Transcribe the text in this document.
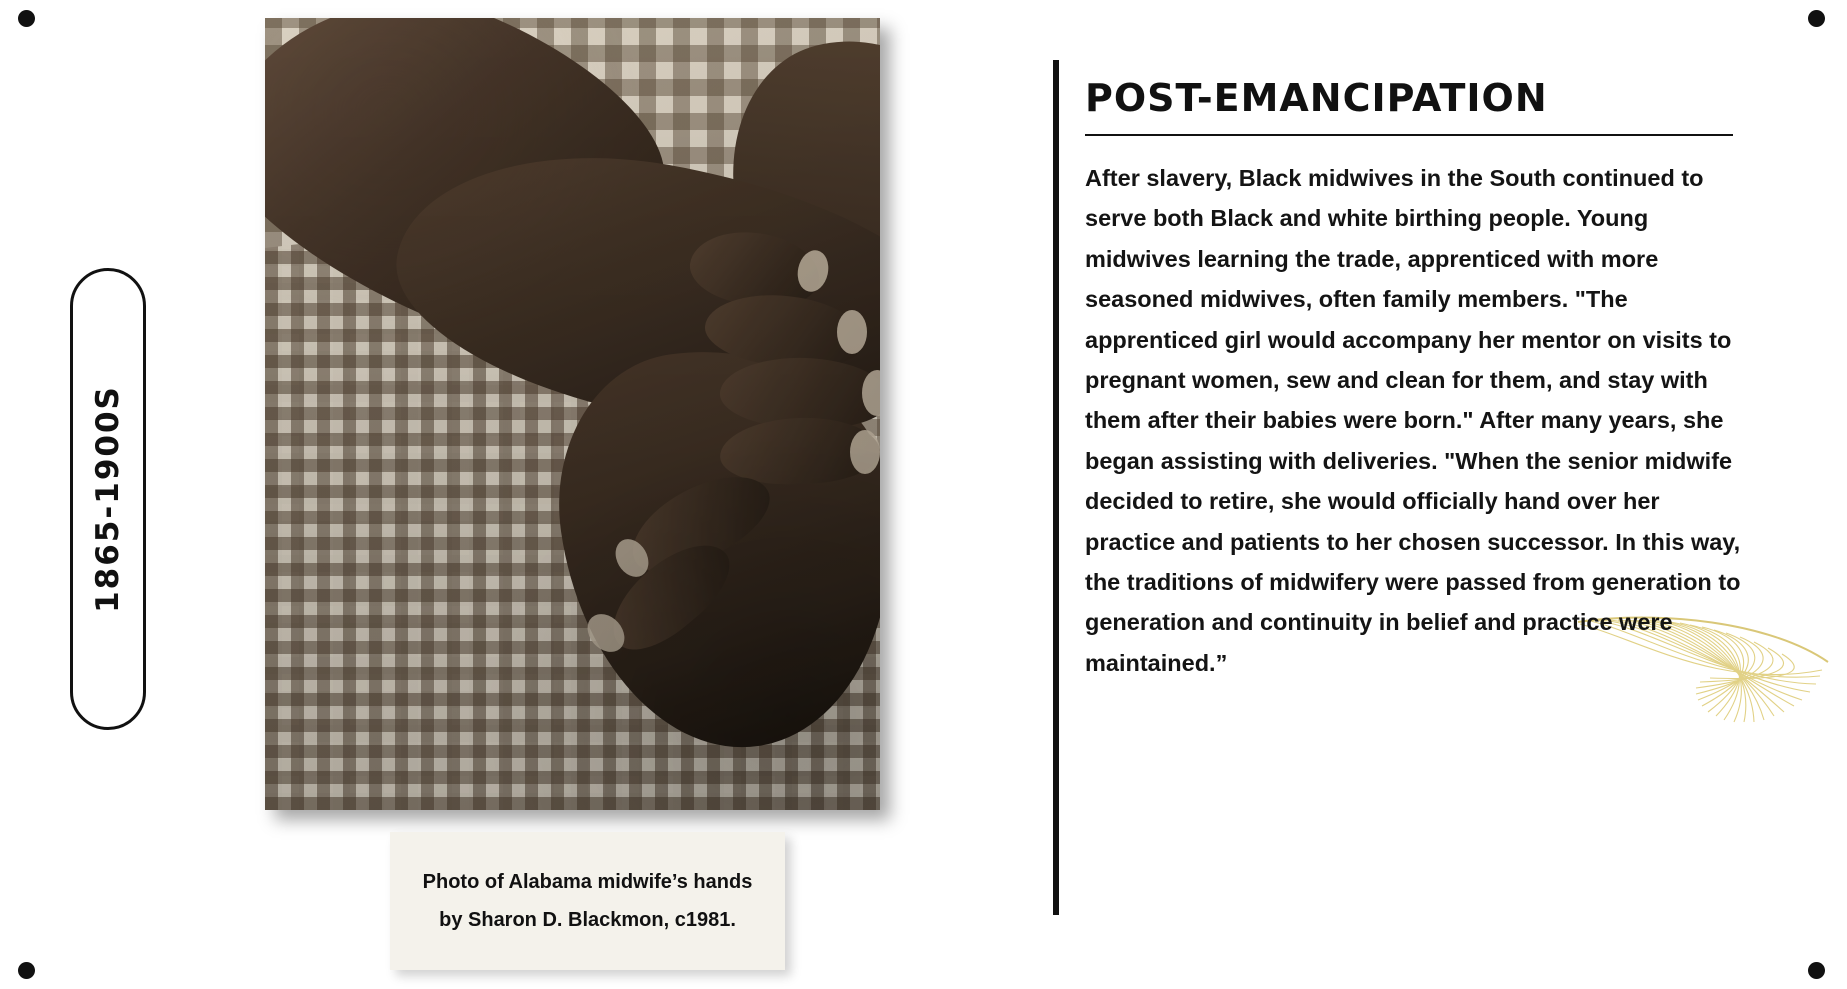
1865-1900S
Photo of Alabama midwife’s hands
by Sharon D. Blackmon, c1981.
POST-EMANCIPATION

After slavery, Black midwives in the South continued to serve both Black and white birthing people. Young midwives learning the trade, apprenticed with more seasoned midwives, often family members. "The apprenticed girl would accompany her mentor on visits to pregnant women, sew and clean for them, and stay with them after their babies were born." After many years, she began assisting with deliveries. "When the senior midwife decided to retire, she would officially hand over her practice and patients to her chosen successor. In this way, the traditions of midwifery were passed from generation to generation and continuity in belief and practice were maintained.”
